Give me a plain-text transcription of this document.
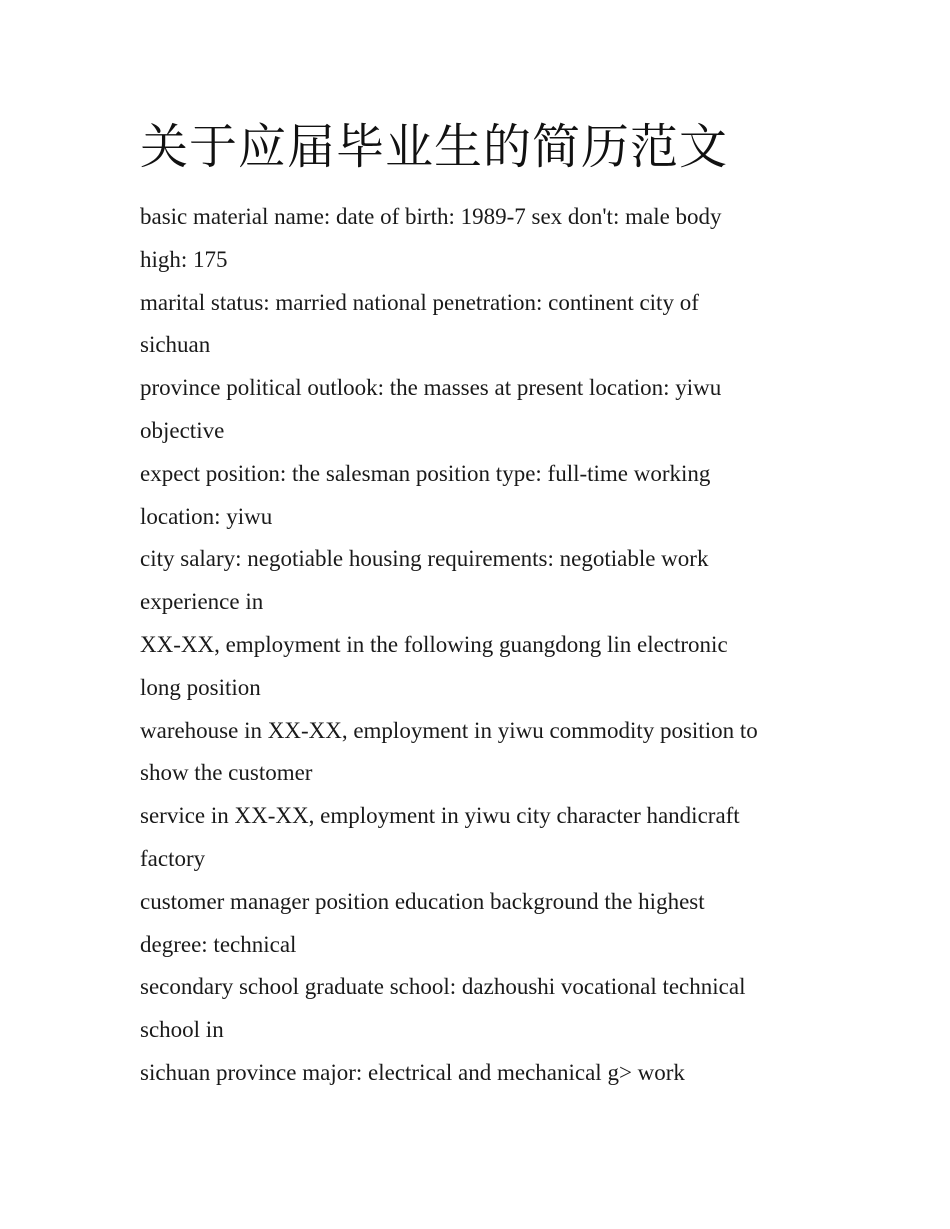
关于应届毕业生的简历范文

basic material name: date of birth: 1989-7 sex don't: male body

high: 175

marital status: married national penetration: continent city of

sichuan

province political outlook: the masses at present location: yiwu

objective

expect position: the salesman position type: full-time working

location: yiwu

city salary: negotiable housing requirements: negotiable work

experience in

XX-XX, employment in the following guangdong lin electronic

long position

warehouse in XX-XX, employment in yiwu commodity position to

show the customer

service in XX-XX, employment in yiwu city character handicraft

factory

customer manager position education background the highest

degree: technical

secondary school graduate school: dazhoushi vocational technical

school in

sichuan province major: electrical and mechanical g> work
